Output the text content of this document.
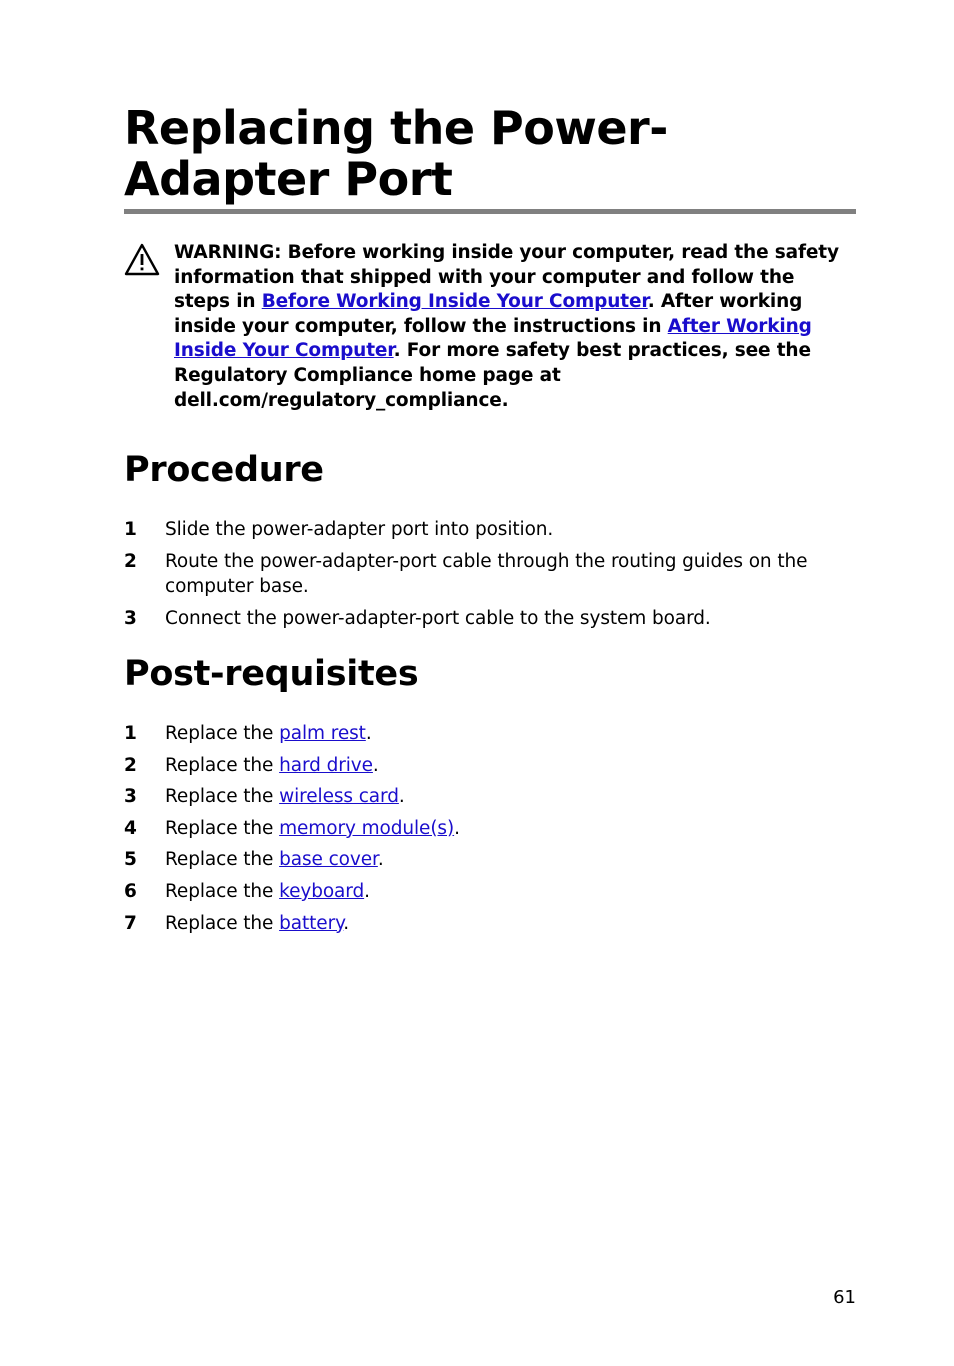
Replacing the Power-Adapter Port

WARNING: Before working inside your computer, read the safety information that shipped with your computer and follow the steps in Before Working Inside Your Computer. After working inside your computer, follow the instructions in After Working Inside Your Computer. For more safety best practices, see the Regulatory Compliance home page at dell.com/regulatory_compliance.

Procedure
1 Slide the power-adapter port into position.
2 Route the power-adapter-port cable through the routing guides on the computer base.
3 Connect the power-adapter-port cable to the system board.
Post-requisites
1 Replace the palm rest.
2 Replace the hard drive.
3 Replace the wireless card.
4 Replace the memory module(s).
5 Replace the base cover.
6 Replace the keyboard.
7 Replace the battery.
61
